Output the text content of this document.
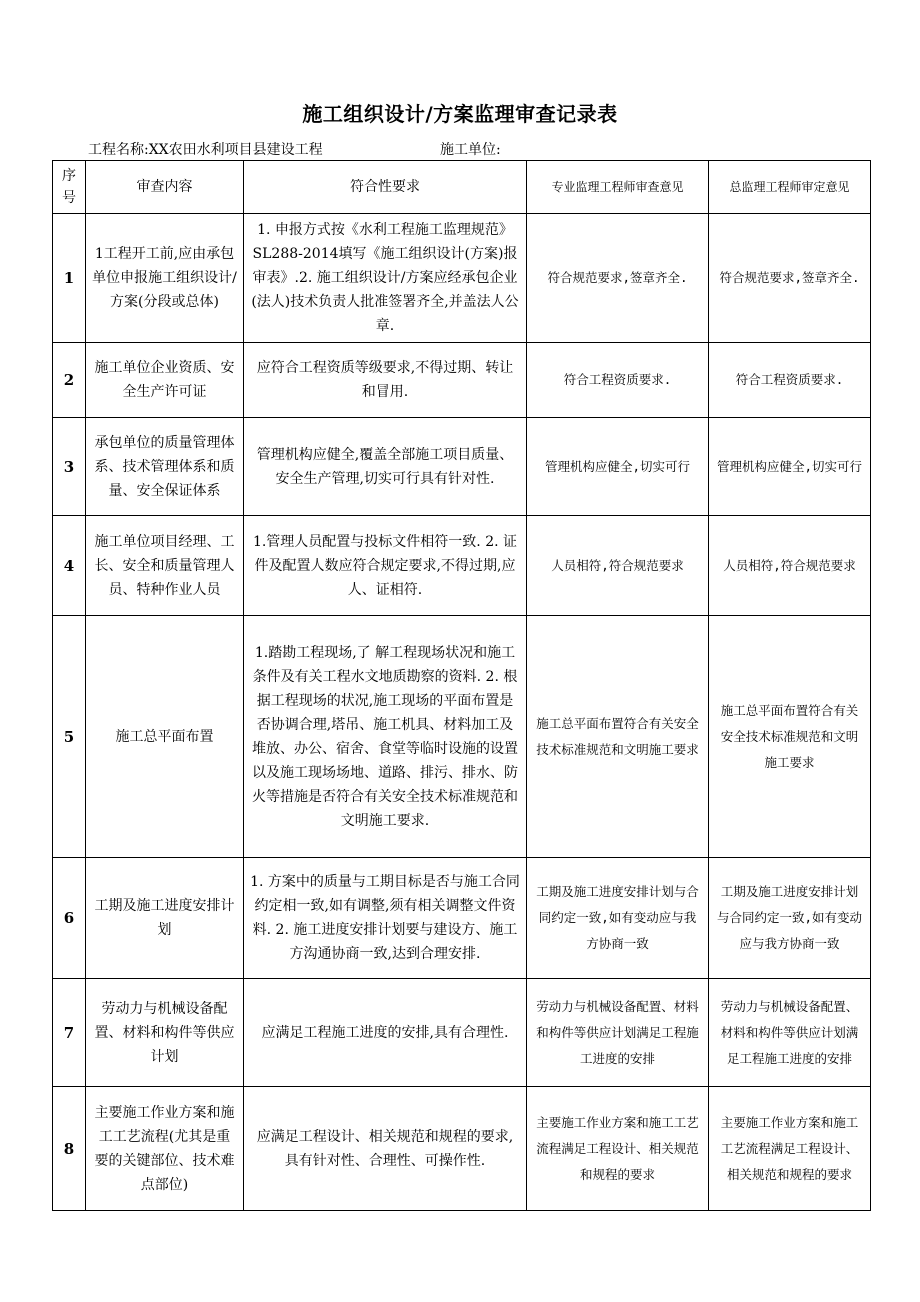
施工组织设计/方案监理审查记录表
工程名称:XX农田水利项目县建设工程	施工单位:
序号	审查内容	符合性要求	专业监理工程师审查意见	总监理工程师审定意见
1	1工程开工前,应由承包单位申报施工组织设计/方案(分段或总体)	1. 申报方式按《水利工程施工监理规范》SL288-2014填写《施工组织设计(方案)报审表》.2. 施工组织设计/方案应经承包企业(法人)技术负责人批准签署齐全,并盖法人公章.	符合规范要求,签章齐全.	符合规范要求,签章齐全.
2	施工单位企业资质、安全生产许可证	应符合工程资质等级要求,不得过期、转让和冒用.	符合工程资质要求.	符合工程资质要求.
3	承包单位的质量管理体系、技术管理体系和质量、安全保证体系	管理机构应健全,覆盖全部施工项目质量、安全生产管理,切实可行具有针对性.	管理机构应健全,切实可行	管理机构应健全,切实可行
4	施工单位项目经理、工长、安全和质量管理人员、特种作业人员	1.管理人员配置与投标文件相符一致. 2. 证件及配置人数应符合规定要求,不得过期,应人、证相符.	人员相符,符合规范要求	人员相符,符合规范要求
5	施工总平面布置	1.踏勘工程现场,了 解工程现场状况和施工条件及有关工程水文地质勘察的资料. 2. 根据工程现场的状况,施工现场的平面布置是否协调合理,塔吊、施工机具、材料加工及堆放、办公、宿舍、食堂等临时设施的设置以及施工现场场地、道路、排污、排水、防火等措施是否符合有关安全技术标准规范和文明施工要求.	施工总平面布置符合有关安全技术标准规范和文明施工要求	施工总平面布置符合有关安全技术标准规范和文明施工要求
6	工期及施工进度安排计划	1. 方案中的质量与工期目标是否与施工合同约定相一致,如有调整,须有相关调整文件资料. 2. 施工进度安排计划要与建设方、施工方沟通协商一致,达到合理安排.	工期及施工进度安排计划与合同约定一致,如有变动应与我方协商一致	工期及施工进度安排计划与合同约定一致,如有变动应与我方协商一致
7	劳动力与机械设备配置、材料和构件等供应计划	应满足工程施工进度的安排,具有合理性.	劳动力与机械设备配置、材料和构件等供应计划满足工程施工进度的安排	劳动力与机械设备配置、材料和构件等供应计划满足工程施工进度的安排
8	主要施工作业方案和施工工艺流程(尤其是重要的关键部位、技术难点部位)	应满足工程设计、相关规范和规程的要求,具有针对性、合理性、可操作性.	主要施工作业方案和施工工艺流程满足工程设计、相关规范和规程的要求	主要施工作业方案和施工工艺流程满足工程设计、相关规范和规程的要求
